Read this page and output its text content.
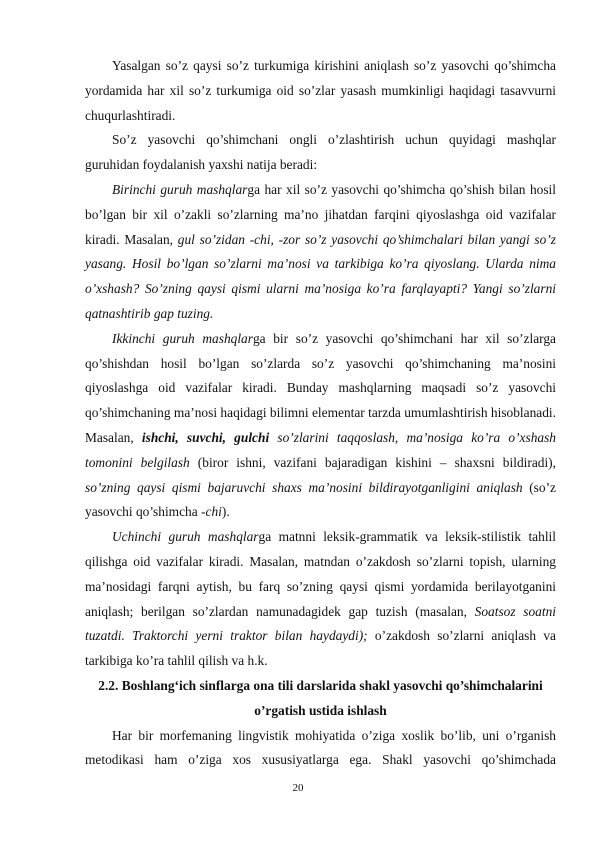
Yasalgan so’z qaysi so’z turkumiga kirishini aniqlash so’z yasovchi qo’shimcha yordamida har xil so’z turkumiga oid so’zlar yasash mumkinligi haqidagi tasavvurni chuqurlashtiradi.

So’z yasovchi qo’shimchani ongli o’zlashtirish uchun quyidagi mashqlar guruhidan foydalanish yaxshi natija beradi:

Birinchi guruh mashqlarga har xil so’z yasovchi qo’shimcha qo’shish bilan hosil bo’lgan bir xil o’zakli so’zlarning ma’no jihatdan farqini qiyoslashga oid vazifalar kiradi. Masalan, gul so’zidan -chi, -zor so’z yasovchi qo’shimchalari bilan yangi so’z yasang. Hosil bo’lgan so’zlarni ma’nosi va tarkibiga ko’ra qiyoslang. Ularda nima o’xshash? So’zning qaysi qismi ularni ma’nosiga ko’ra farqlayapti? Yangi so’zlarni qatnashtirib gap tuzing.

Ikkinchi guruh mashqlarga bir so’z yasovchi qo’shimchani har xil so’zlarga qo’shishdan hosil bo’lgan so’zlarda so’z yasovchi qo’shimchaning ma’nosini qiyoslashga oid vazifalar kiradi. Bunday mashqlarning maqsadi so’z yasovchi qo’shimchaning ma’nosi haqidagi bilimni elementar tarzda umumlashtirish hisoblanadi. Masalan, ishchi, suvchi, gulchi so’zlarini taqqoslash, ma’nosiga ko’ra o’xshash tomonini belgilash (biror ishni, vazifani bajaradigan kishini – shaxsni bildiradi), so’zning qaysi qismi bajaruvchi shaxs ma’nosini bildirayotganligini aniqlash (so’z yasovchi qo’shimcha -chi).

Uchinchi guruh mashqlarga matnni leksik-grammatik va leksik-stilistik tahlil qilishga oid vazifalar kiradi. Masalan, matndan o’zakdosh so’zlarni topish, ularning ma’nosidagi farqni aytish, bu farq so’zning qaysi qismi yordamida berilayotganini aniqlash; berilgan so’zlardan namunadagidek gap tuzish (masalan, Soatsoz soatni tuzatdi. Traktorchi yerni traktor bilan haydaydi); o’zakdosh so’zlarni aniqlash va tarkibiga ko’ra tahlil qilish va h.k.

2.2. Boshlang‘ich sinflarga ona tili darslarida shakl yasovchi qo’shimchalarini o’rgatish ustida ishlash

Har bir morfemaning lingvistik mohiyatida o’ziga xoslik bo’lib, uni o’rganish metodikasi ham o’ziga xos xususiyatlarga ega. Shakl yasovchi qo’shimchada

20
